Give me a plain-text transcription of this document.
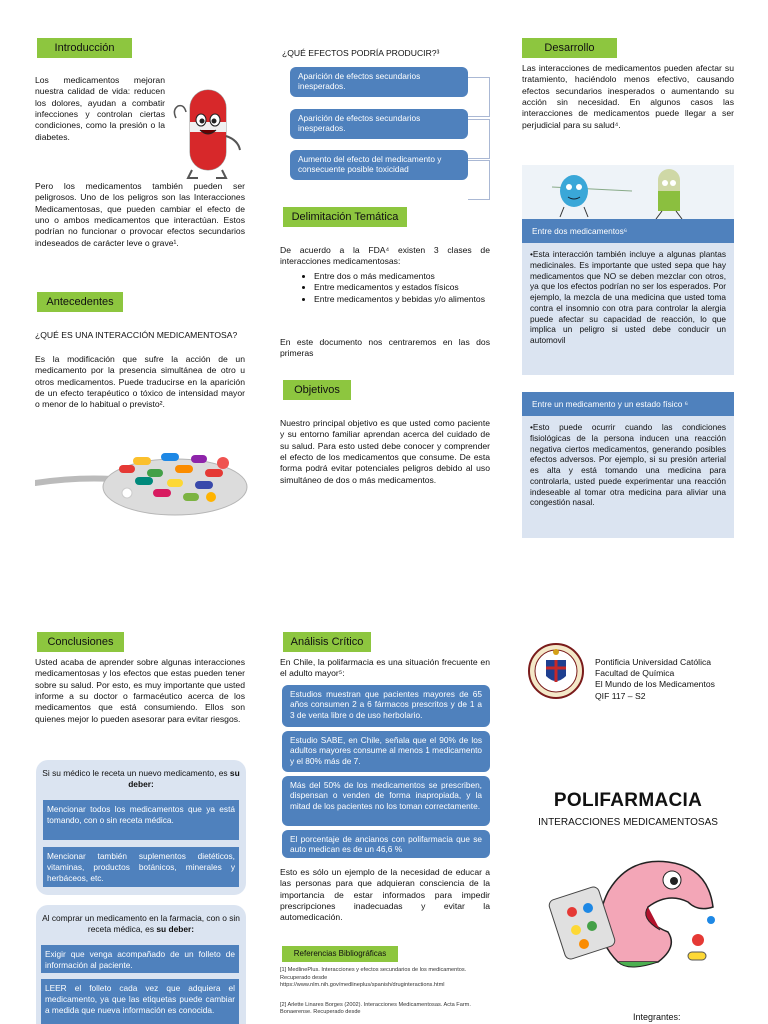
Introducción

Los medicamentos mejoran nuestra calidad de vida: reducen los dolores, ayudan a combatir infecciones y controlan ciertas condiciones, como la presión o la diabetes.

Pero los medicamentos también pueden ser peligrosos. Uno de los peligros son las Interacciones Medicamentosas, que pueden cambiar el efecto de uno o ambos medicamentos que interactúan. Estos podrían no funcionar o provocar efectos secundarios indeseados de carácter leve o grave¹.

Antecedentes

¿QUÉ ES UNA INTERACCIÓN MEDICAMENTOSA?

Es la modificación que sufre la acción de un medicamento por la presencia simultánea de otro u otros medicamentos. Puede traducirse en la aparición de un efecto terapéutico o tóxico de intensidad mayor o menor de lo habitual o previsto².

¿QUÉ EFECTOS PODRÍA PRODUCIR?³

Aparición de efectos secundarios inesperados.
Aparición de efectos secundarios inesperados.
Aumento del efecto del medicamento y consecuente posible toxicidad
Delimitación Temática

De acuerdo a la FDA⁴ existen 3 clases de interacciones medicamentosas:

• Entre dos o más medicamentos
• Entre medicamentos y estados físicos
• Entre medicamentos y bebidas y/o alimentos

En este documento nos centraremos en las dos primeras

Objetivos

Nuestro principal objetivo es que usted como paciente y su entorno familiar aprendan acerca del cuidado de su salud. Para esto usted debe conocer y comprender el efecto de los medicamentos que consume. De esta forma podrá evitar potenciales peligros debido al uso simultáneo de dos o más medicamentos.

Desarrollo

Las interacciones de medicamentos pueden afectar su tratamiento, haciéndolo menos efectivo, causando efectos secundarios inesperados o aumentando su acción sin necesidad. En algunos casos las interacciones de medicamentos puede llegar a ser perjudicial para su salud⁴.

Entre dos medicamentos⁶
•Esta interacción también incluye a algunas plantas medicinales. Es importante que usted sepa que hay medicamentos que NO se deben mezclar con otros, ya que los efectos podrían no ser los esperados. Por ejemplo, la mezcla de una medicina que usted toma contra el insomnio con otra para controlar la alergia puede afectar su capacidad de reacción, lo que implica un peligro si usted debe conducir un automovil
Entre un medicamento y un estado físico ⁶
•Esto puede ocurrir cuando las condiciones fisiológicas de la persona inducen una reacción negativa ciertos medicamentos, generando posibles efectos adversos. Por ejemplo, si su presión arterial es alta y está tomando una medicina para controlarla, usted puede experimentar una reacción indeseable al tomar otra medicina para aliviar una congestión nasal.
Conclusiones

Usted acaba de aprender sobre algunas interacciones medicamentosas y los efectos que estas pueden tener sobre su salud. Por esto, es muy importante que usted informe a su doctor o farmacéutico acerca de los medicamentos que está consumiendo. Ellos son quienes mejor lo pueden asesorar para evitar riesgos.

Si su médico le receta un nuevo medicamento, es su deber:
Mencionar todos los medicamentos que ya está tomando, con o sin receta médica.
Mencionar también suplementos dietéticos, vitaminas, productos botánicos, minerales y herbáceos, etc.
Al comprar un medicamento en la farmacia, con o sin receta médica, es su deber:
Exigir que venga acompañado de un folleto de información al paciente.
LEER el folleto cada vez que adquiera el medicamento, ya que las etiquetas puede cambiar a medida que nueva información es conocida.
Análisis Crítico

En Chile, la polifarmacia es una situación frecuente en el adulto mayor⁵:

Estudios muestran que pacientes mayores de 65 años consumen 2 a 6 fármacos prescritos y de 1 a 3 de venta libre o de uso herbolario.
Estudio SABE, en Chile, señala que el 90% de los adultos mayores consume al menos 1 medicamento y el 80% más de 7.
Más del 50% de los medicamentos se prescriben, dispensan o venden de forma inapropiada, y la mitad de los pacientes no los toman correctamente.
El porcentaje de ancianos con polifarmacia que se auto medican es de un 46,6 %

Esto es sólo un ejemplo de la necesidad de educar a las personas para que adquieran consciencia de la importancia de estar informados para impedir prescripciones inadecuadas y evitar la automedicación.

Referencias Bibliográficas
[1] MedlinePlus. Interacciones y efectos secundarios de los medicamentos. Recuperado desde
https://www.nlm.nih.gov/medlineplus/spanish/druginteractions.html
[2] Arlette Linares Borges (2002). Interacciones Medicamentosas. Acta Farm. Bonaerense. Recuperado desde
Pontificia Universidad Católica
Facultad de Química
El Mundo de los Medicamentos
QIF 117 – S2
POLIFARMACIA
INTERACCIONES MEDICAMENTOSAS
Integrantes:
